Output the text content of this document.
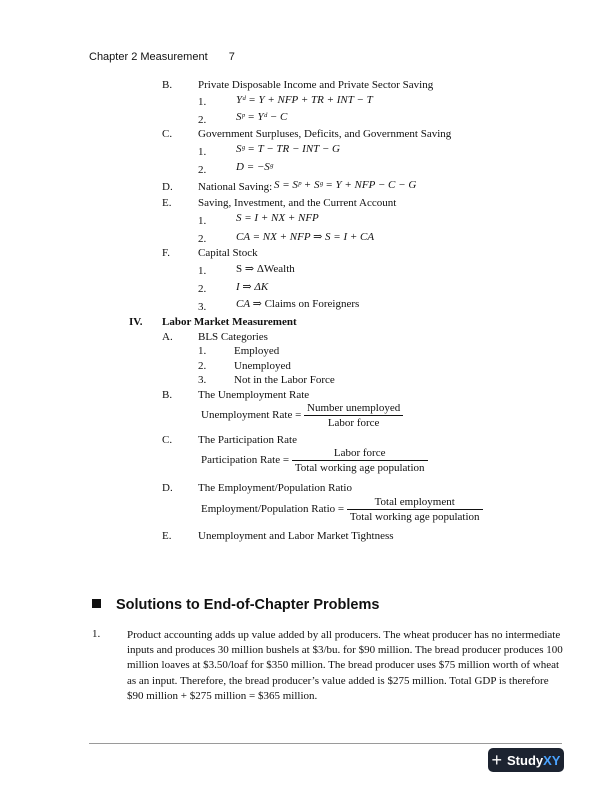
Chapter 2 Measurement 7
B. Private Disposable Income and Private Sector Saving
1.	Yᵈ = Y + NFP + TR + INT − T
2.	Sᵖ = Yᵈ − C
C. Government Surpluses, Deficits, and Government Saving
1.	Sᵍ = T − TR − INT − G
2.	D = −Sᵍ
D. National Saving: S = Sᵖ + Sᵍ = Y + NFP − C − G
E. Saving, Investment, and the Current Account
1.	S = I + NX + NFP
2.	CA = NX + NFP ⇒ S = I + CA
F.	Capital Stock
1.	S ⇒ ΔWealth
2.	I ⇒ ΔK
3.	CA ⇒ Claims on Foreigners
IV. Labor Market Measurement
A. BLS Categories
1.	Employed
2.	Unemployed
3.	Not in the Labor Force
B. The Unemployment Rate
Unemployment Rate = $\frac{\text{Number unemployed}}{\text{Labor force}}$
C. The Participation Rate
Participation Rate = $\frac{\text{Labor force}}{\text{Total working age population}}$
D. The Employment/Population Ratio
Employment/Population Ratio = $\frac{\text{Total employment}}{\text{Total working age population}}$
E. Unemployment and Labor Market Tightness
Solutions to End-of-Chapter Problems
1. Product accounting adds up value added by all producers. The wheat producer has no intermediate inputs and produces 30 million bushels at $3/bu. for $90 million. The bread producer produces 100 million loaves at $3.50/loaf for $350 million. The bread producer uses $75 million worth of wheat as an input. Therefore, the bread producer’s value added is $275 million. Total GDP is therefore $90 million + $275 million = $365 million.
+ Study XY
